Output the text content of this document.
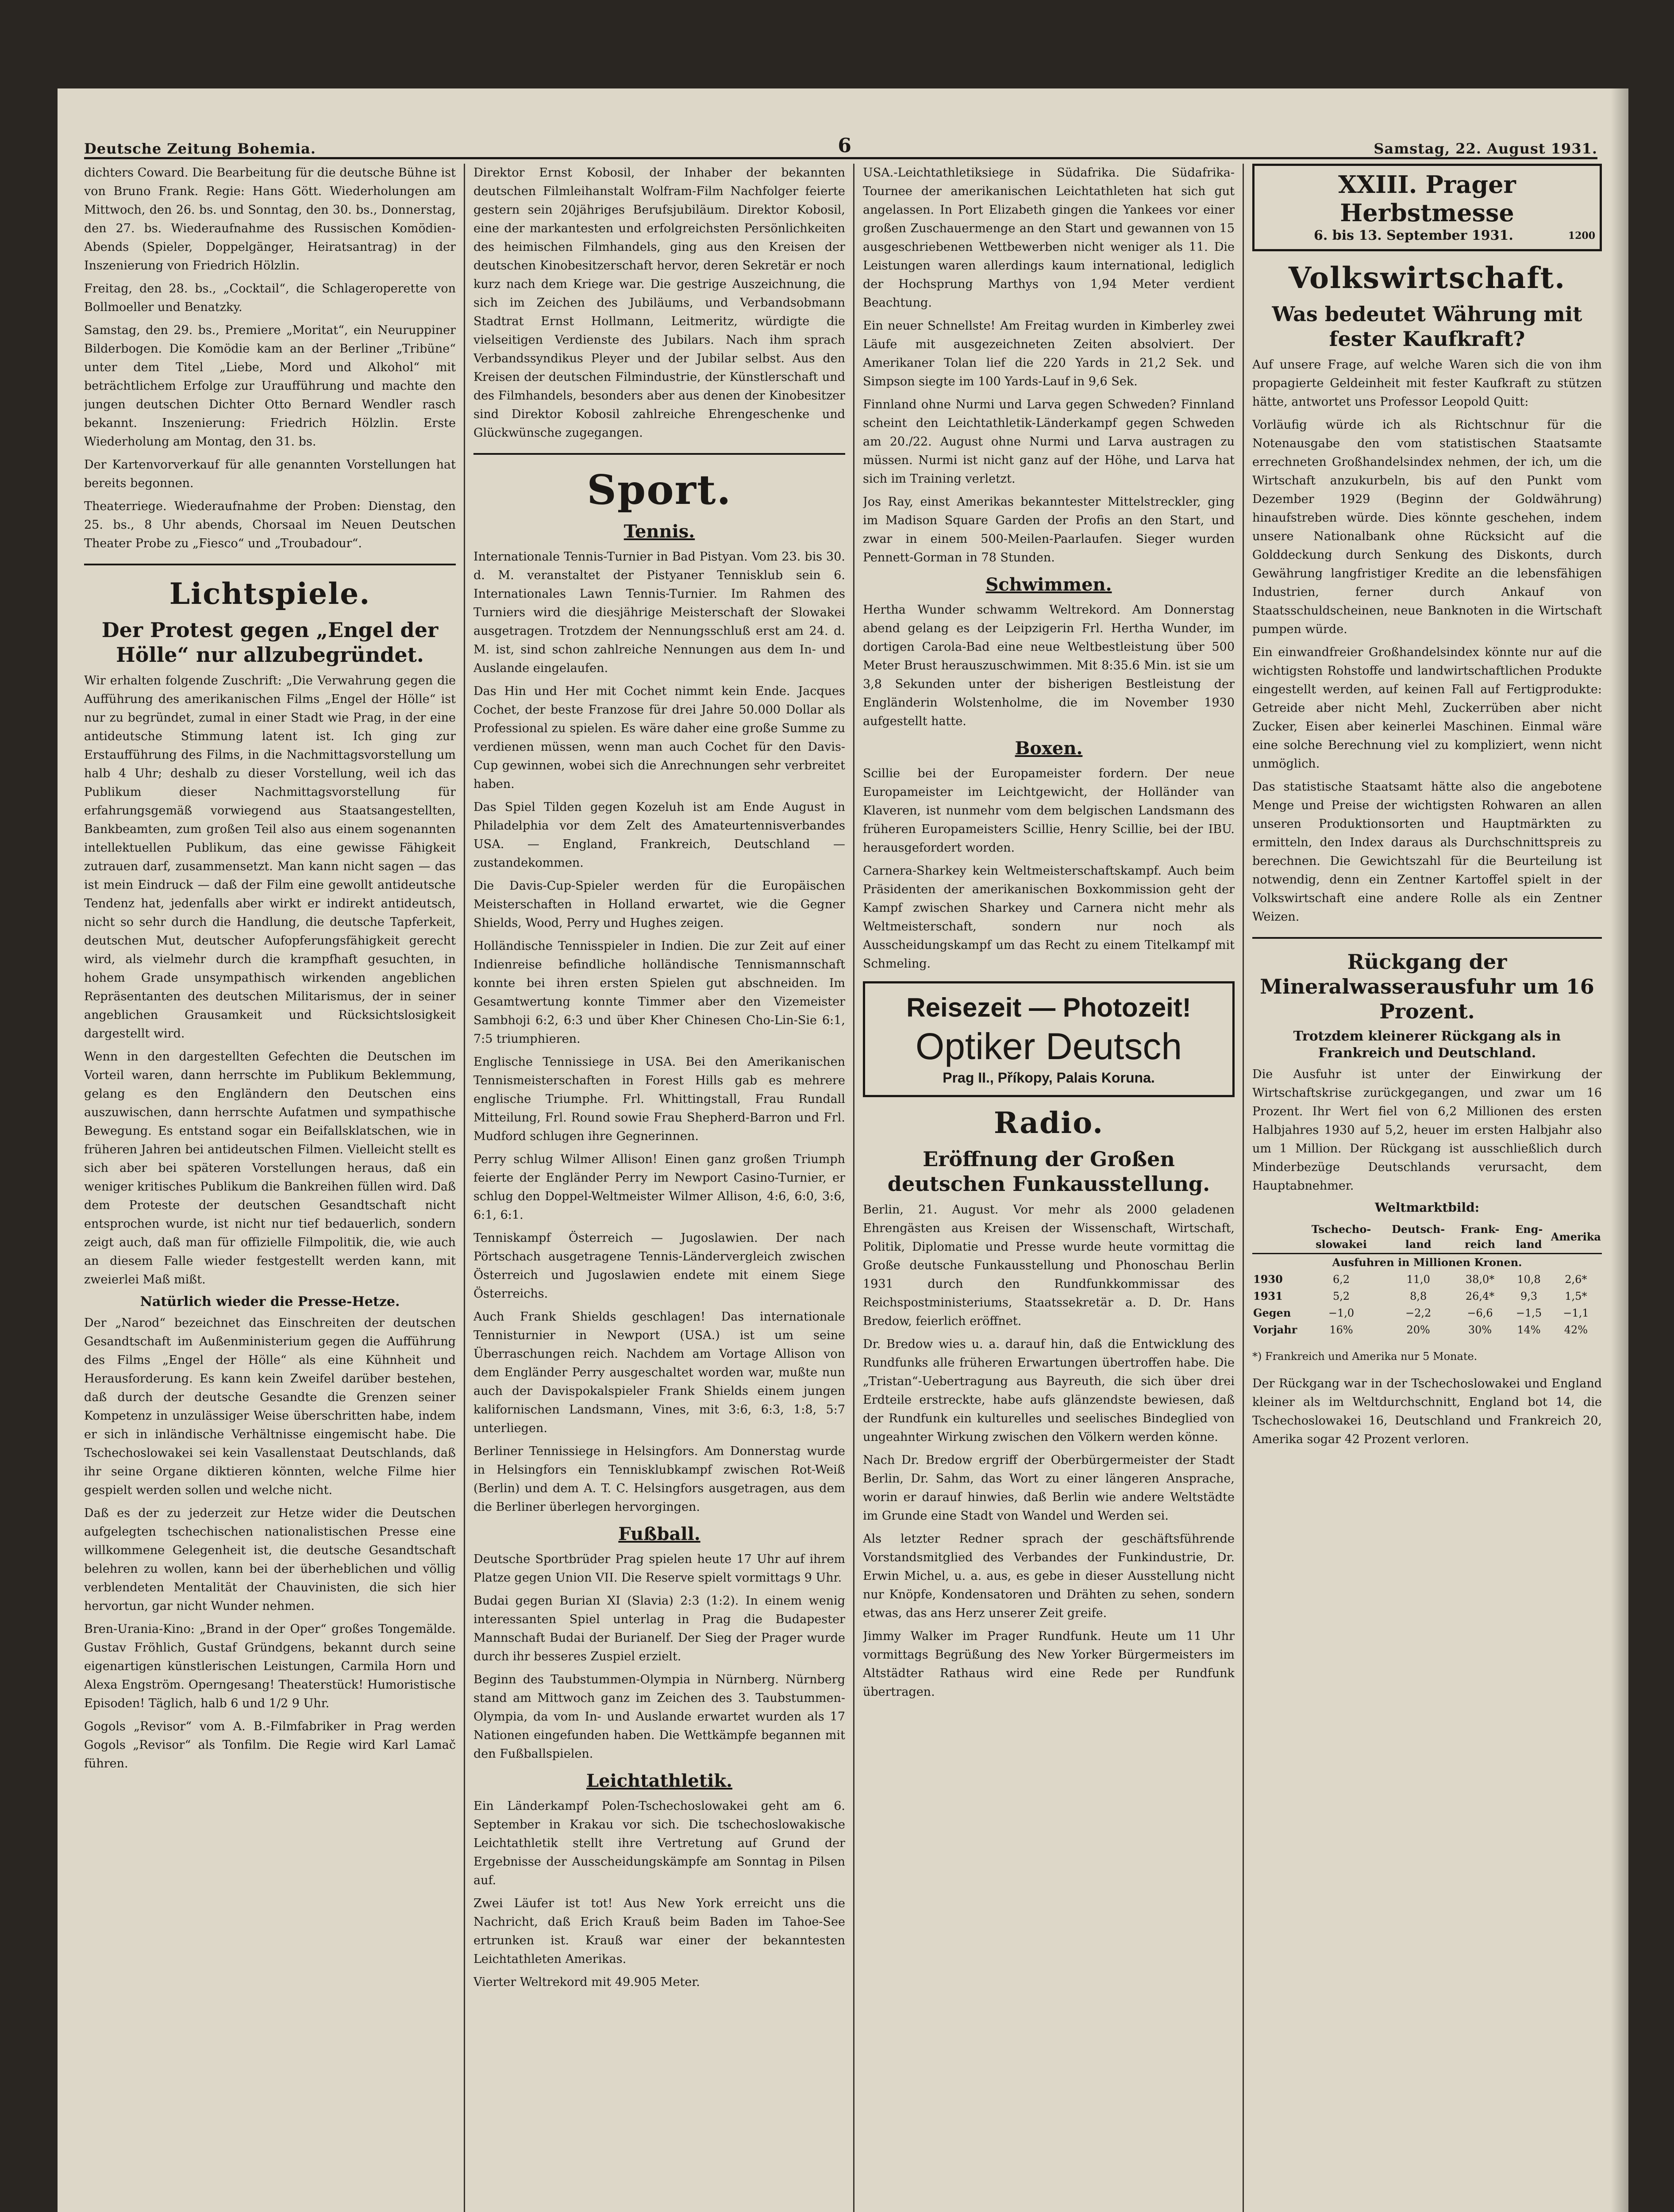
Deutsche Zeitung Bohemia.	6	Samstag, 22. August 1931.

dichters Coward. Die Bearbeitung für die deutsche Bühne ist von Bruno Frank. Regie: Hans Gött. Wiederholungen am Mittwoch, den 26. bs. und Sonntag, den 30. bs., Donnerstag, den 27. bs. Wiederaufnahme des Russischen Komödien-Abends (Spieler, Doppelgänger, Heiratsantrag) in der Inszenierung von Friedrich Hölzlin.

Freitag, den 28. bs., „Cocktail“, die Schlageroperette von Bollmoeller und Benatzky.

Samstag, den 29. bs., Premiere „Moritat“, ein Neuruppiner Bilderbogen. Die Komödie kam an der Berliner „Tribüne“ unter dem Titel „Liebe, Mord und Alkohol“ mit beträchtlichem Erfolge zur Uraufführung und machte den jungen deutschen Dichter Otto Bernard Wendler rasch bekannt. Inszenierung: Friedrich Hölzlin. Erste Wiederholung am Montag, den 31. bs.

Der Kartenvorverkauf für alle genannten Vorstellungen hat bereits begonnen.

Theaterriege. Wiederaufnahme der Proben: Dienstag, den 25. bs., 8 Uhr abends, Chorsaal im Neuen Deutschen Theater Probe zu „Fiesco“ und „Troubadour“.

Lichtspiele.
Der Protest gegen „Engel der Hölle“ nur allzubegründet.

Wir erhalten folgende Zuschrift: „Die Verwahrung gegen die Aufführung des amerikanischen Films „Engel der Hölle“ ist nur zu begründet, zumal in einer Stadt wie Prag, in der eine antideutsche Stimmung latent ist. Ich ging zur Erstaufführung des Films, in die Nachmittagsvorstellung um halb 4 Uhr; deshalb zu dieser Vorstellung, weil ich das Publikum dieser Nachmittagsvorstellung für erfahrungsgemäß vorwiegend aus Staatsangestellten, Bankbeamten, zum großen Teil also aus einem sogenannten intellektuellen Publikum, das eine gewisse Fähigkeit zutrauen darf, zusammensetzt. Man kann nicht sagen — das ist mein Eindruck — daß der Film eine gewollt antideutsche Tendenz hat, jedenfalls aber wirkt er indirekt antideutsch, nicht so sehr durch die Handlung, die deutsche Tapferkeit, deutschen Mut, deutscher Aufopferungsfähigkeit gerecht wird, als vielmehr durch die krampfhaft gesuchten, in hohem Grade unsympathisch wirkenden angeblichen Repräsentanten des deutschen Militarismus, der in seiner angeblichen Grausamkeit und Rücksichtslosigkeit dargestellt wird.

Wenn in den dargestellten Gefechten die Deutschen im Vorteil waren, dann herrschte im Publikum Beklemmung, gelang es den Engländern den Deutschen eins auszuwischen, dann herrschte Aufatmen und sympathische Bewegung. Es entstand sogar ein Beifallsklatschen, wie in früheren Jahren bei antideutschen Filmen. Vielleicht stellt es sich aber bei späteren Vorstellungen heraus, daß ein weniger kritisches Publikum die Bankreihen füllen wird. Daß dem Proteste der deutschen Gesandtschaft nicht entsprochen wurde, ist nicht nur tief bedauerlich, sondern zeigt auch, daß man für offizielle Filmpolitik, die, wie auch an diesem Falle wieder festgestellt werden kann, mit zweierlei Maß mißt.

Natürlich wieder die Presse-Hetze.

Der „Narod“ bezeichnet das Einschreiten der deutschen Gesandtschaft im Außenministerium gegen die Aufführung des Films „Engel der Hölle“ als eine Kühnheit und Herausforderung. Es kann kein Zweifel darüber bestehen, daß durch der deutsche Gesandte die Grenzen seiner Kompetenz in unzulässiger Weise überschritten habe, indem er sich in inländische Verhältnisse eingemischt habe. Die Tschechoslowakei sei kein Vasallenstaat Deutschlands, daß ihr seine Organe diktieren könnten, welche Filme hier gespielt werden sollen und welche nicht.

Daß es der zu jederzeit zur Hetze wider die Deutschen aufgelegten tschechischen nationalistischen Presse eine willkommene Gelegenheit ist, die deutsche Gesandtschaft belehren zu wollen, kann bei der überheblichen und völlig verblendeten Mentalität der Chauvinisten, die sich hier hervortun, gar nicht Wunder nehmen.

Bren-Urania-Kino: „Brand in der Oper“ großes Tongemälde. Gustav Fröhlich, Gustaf Gründgens, bekannt durch seine eigenartigen künstlerischen Leistungen, Carmila Horn und Alexa Engström. Operngesang! Theaterstück! Humoristische Episoden! Täglich, halb 6 und 1/2 9 Uhr.

Gogols „Revisor“ vom A. B.-Filmfabriker in Prag werden Gogols „Revisor“ als Tonfilm. Die Regie wird Karl Lamač führen.

Direktor Ernst Kobosil, der Inhaber der bekannten deutschen Filmleihanstalt Wolfram-Film Nachfolger feierte gestern sein 20jähriges Berufsjubiläum. Direktor Kobosil, eine der markantesten und erfolgreichsten Persönlichkeiten des heimischen Filmhandels, ging aus den Kreisen der deutschen Kinobesitzerschaft hervor, deren Sekretär er noch kurz nach dem Kriege war. Die gestrige Auszeichnung, die sich im Zeichen des Jubiläums, und Verbandsobmann Stadtrat Ernst Hollmann, Leitmeritz, würdigte die vielseitigen Verdienste des Jubilars. Nach ihm sprach Verbandssyndikus Pleyer und der Jubilar selbst. Aus den Kreisen der deutschen Filmindustrie, der Künstlerschaft und des Filmhandels, besonders aber aus denen der Kinobesitzer sind Direktor Kobosil zahlreiche Ehrengeschenke und Glückwünsche zugegangen.

Sport.
Tennis.

Internationale Tennis-Turnier in Bad Pistyan. Vom 23. bis 30. d. M. veranstaltet der Pistyaner Tennisklub sein 6. Internationales Lawn Tennis-Turnier. Im Rahmen des Turniers wird die diesjährige Meisterschaft der Slowakei ausgetragen. Trotzdem der Nennungsschluß erst am 24. d. M. ist, sind schon zahlreiche Nennungen aus dem In- und Auslande eingelaufen.

Das Hin und Her mit Cochet nimmt kein Ende. Jacques Cochet, der beste Franzose für drei Jahre 50.000 Dollar als Professional zu spielen. Es wäre daher eine große Summe zu verdienen müssen, wenn man auch Cochet für den Davis-Cup gewinnen, wobei sich die Anrechnungen sehr verbreitet haben.

Das Spiel Tilden gegen Kozeluh ist am Ende August in Philadelphia vor dem Zelt des Amateurtennisverbandes USA. — England, Frankreich, Deutschland — zustandekommen.

Die Davis-Cup-Spieler werden für die Europäischen Meisterschaften in Holland erwartet, wie die Gegner Shields, Wood, Perry und Hughes zeigen.

Holländische Tennisspieler in Indien. Die zur Zeit auf einer Indienreise befindliche holländische Tennismannschaft konnte bei ihren ersten Spielen gut abschneiden. Im Gesamtwertung konnte Timmer aber den Vizemeister Sambhoji 6:2, 6:3 und über Kher Chinesen Cho-Lin-Sie 6:1, 7:5 triumphieren.

Englische Tennissiege in USA. Bei den Amerikanischen Tennismeisterschaften in Forest Hills gab es mehrere englische Triumphe. Frl. Whittingstall, Frau Rundall Mitteilung, Frl. Round sowie Frau Shepherd-Barron und Frl. Mudford schlugen ihre Gegnerinnen.

Perry schlug Wilmer Allison! Einen ganz großen Triumph feierte der Engländer Perry im Newport Casino-Turnier, er schlug den Doppel-Weltmeister Wilmer Allison, 4:6, 6:0, 3:6, 6:1, 6:1.

Tenniskampf Österreich — Jugoslawien. Der nach Pörtschach ausgetragene Tennis-Ländervergleich zwischen Österreich und Jugoslawien endete mit einem Siege Österreichs.

Auch Frank Shields geschlagen! Das internationale Tennisturnier in Newport (USA.) ist um seine Überraschungen reich. Nachdem am Vortage Allison von dem Engländer Perry ausgeschaltet worden war, mußte nun auch der Davispokalspieler Frank Shields einem jungen kalifornischen Landsmann, Vines, mit 3:6, 6:3, 1:8, 5:7 unterliegen.

Berliner Tennissiege in Helsingfors. Am Donnerstag wurde in Helsingfors ein Tennisklubkampf zwischen Rot-Weiß (Berlin) und dem A. T. C. Helsingfors ausgetragen, aus dem die Berliner überlegen hervorgingen.

Fußball.

Deutsche Sportbrüder Prag spielen heute 17 Uhr auf ihrem Platze gegen Union VII. Die Reserve spielt vormittags 9 Uhr.

Budai gegen Burian XI (Slavia) 2:3 (1:2). In einem wenig interessanten Spiel unterlag in Prag die Budapester Mannschaft Budai der Burianelf. Der Sieg der Prager wurde durch ihr besseres Zuspiel erzielt.

Beginn des Taubstummen-Olympia in Nürnberg. Nürnberg stand am Mittwoch ganz im Zeichen des 3. Taubstummen-Olympia, da vom In- und Auslande erwartet wurden als 17 Nationen eingefunden haben. Die Wettkämpfe begannen mit den Fußballspielen.

Leichtathletik.

Ein Länderkampf Polen-Tschechoslowakei geht am 6. September in Krakau vor sich. Die tschechoslowakische Leichtathletik stellt ihre Vertretung auf Grund der Ergebnisse der Ausscheidungskämpfe am Sonntag in Pilsen auf.

Zwei Läufer ist tot! Aus New York erreicht uns die Nachricht, daß Erich Krauß beim Baden im Tahoe-See ertrunken ist. Krauß war einer der bekanntesten Leichtathleten Amerikas.

Vierter Weltrekord mit 49.905 Meter.

USA.-Leichtathletiksiege in Südafrika. Die Südafrika-Tournee der amerikanischen Leichtathleten hat sich gut angelassen. In Port Elizabeth gingen die Yankees vor einer großen Zuschauermenge an den Start und gewannen von 15 ausgeschriebenen Wettbewerben nicht weniger als 11. Die Leistungen waren allerdings kaum international, lediglich der Hochsprung Marthys von 1,94 Meter verdient Beachtung.

Ein neuer Schnellste! Am Freitag wurden in Kimberley zwei Läufe mit ausgezeichneten Zeiten absolviert. Der Amerikaner Tolan lief die 220 Yards in 21,2 Sek. und Simpson siegte im 100 Yards-Lauf in 9,6 Sek.

Finnland ohne Nurmi und Larva gegen Schweden? Finnland scheint den Leichtathletik-Länderkampf gegen Schweden am 20./22. August ohne Nurmi und Larva austragen zu müssen. Nurmi ist nicht ganz auf der Höhe, und Larva hat sich im Training verletzt.

Jos Ray, einst Amerikas bekanntester Mittelstreckler, ging im Madison Square Garden der Profis an den Start, und zwar in einem 500-Meilen-Paarlaufen. Sieger wurden Pennett-Gorman in 78 Stunden.

Schwimmen.

Hertha Wunder schwamm Weltrekord. Am Donnerstag abend gelang es der Leipzigerin Frl. Hertha Wunder, im dortigen Carola-Bad eine neue Weltbestleistung über 500 Meter Brust herauszuschwimmen. Mit 8:35.6 Min. ist sie um 3,8 Sekunden unter der bisherigen Bestleistung der Engländerin Wolstenholme, die im November 1930 aufgestellt hatte.

Boxen.

Scillie bei der Europameister fordern. Der neue Europameister im Leichtgewicht, der Holländer van Klaveren, ist nunmehr vom dem belgischen Landsmann des früheren Europameisters Scillie, Henry Scillie, bei der IBU. herausgefordert worden.

Carnera-Sharkey kein Weltmeisterschaftskampf. Auch beim Präsidenten der amerikanischen Boxkommission geht der Kampf zwischen Sharkey und Carnera nicht mehr als Weltmeisterschaft, sondern nur noch als Ausscheidungskampf um das Recht zu einem Titelkampf mit Schmeling.

Reisezeit — Photozeit!
Optiker Deutsch
Prag II., Příkopy, Palais Koruna.
Radio.
Eröffnung der Großen deutschen Funkausstellung.

Berlin, 21. August. Vor mehr als 2000 geladenen Ehrengästen aus Kreisen der Wissenschaft, Wirtschaft, Politik, Diplomatie und Presse wurde heute vormittag die Große deutsche Funkausstellung und Phonoschau Berlin 1931 durch den Rundfunkkommissar des Reichspostministeriums, Staatssekretär a. D. Dr. Hans Bredow, feierlich eröffnet.

Dr. Bredow wies u. a. darauf hin, daß die Entwicklung des Rundfunks alle früheren Erwartungen übertroffen habe. Die „Tristan“-Uebertragung aus Bayreuth, die sich über drei Erdteile erstreckte, habe aufs glänzendste bewiesen, daß der Rundfunk ein kulturelles und seelisches Bindeglied von ungeahnter Wirkung zwischen den Völkern werden könne.

Nach Dr. Bredow ergriff der Oberbürgermeister der Stadt Berlin, Dr. Sahm, das Wort zu einer längeren Ansprache, worin er darauf hinwies, daß Berlin wie andere Weltstädte im Grunde eine Stadt von Wandel und Werden sei.

Als letzter Redner sprach der geschäftsführende Vorstandsmitglied des Verbandes der Funkindustrie, Dr. Erwin Michel, u. a. aus, es gebe in dieser Ausstellung nicht nur Knöpfe, Kondensatoren und Drähten zu sehen, sondern etwas, das ans Herz unserer Zeit greife.

Jimmy Walker im Prager Rundfunk. Heute um 11 Uhr vormittags Begrüßung des New Yorker Bürgermeisters im Altstädter Rathaus wird eine Rede per Rundfunk übertragen.

XXIII. Prager Herbstmesse
6. bis 13. September 1931.	1200
Volkswirtschaft.
Was bedeutet Währung mit fester Kaufkraft?

Auf unsere Frage, auf welche Waren sich die von ihm propagierte Geldeinheit mit fester Kaufkraft zu stützen hätte, antwortet uns Professor Leopold Quitt:

Vorläufig würde ich als Richtschnur für die Notenausgabe den vom statistischen Staatsamte errechneten Großhandelsindex nehmen, der ich, um die Wirtschaft anzukurbeln, bis auf den Punkt vom Dezember 1929 (Beginn der Goldwährung) hinaufstreben würde. Dies könnte geschehen, indem unsere Nationalbank ohne Rücksicht auf die Golddeckung durch Senkung des Diskonts, durch Gewährung langfristiger Kredite an die lebensfähigen Industrien, ferner durch Ankauf von Staatsschuldscheinen, neue Banknoten in die Wirtschaft pumpen würde.

Ein einwandfreier Großhandelsindex könnte nur auf die wichtigsten Rohstoffe und landwirtschaftlichen Produkte eingestellt werden, auf keinen Fall auf Fertigprodukte: Getreide aber nicht Mehl, Zuckerrüben aber nicht Zucker, Eisen aber keinerlei Maschinen. Einmal wäre eine solche Berechnung viel zu kompliziert, wenn nicht unmöglich.

Das statistische Staatsamt hätte also die angebotene Menge und Preise der wichtigsten Rohwaren an allen unseren Produktionsorten und Hauptmärkten zu ermitteln, den Index daraus als Durchschnittspreis zu berechnen. Die Gewichtszahl für die Beurteilung ist notwendig, denn ein Zentner Kartoffel spielt in der Volkswirtschaft eine andere Rolle als ein Zentner Weizen.

Rückgang der Mineralwasserausfuhr um 16 Prozent.
Trotzdem kleinerer Rückgang als in Frankreich und Deutschland.

Die Ausfuhr ist unter der Einwirkung der Wirtschaftskrise zurückgegangen, und zwar um 16 Prozent. Ihr Wert fiel von 6,2 Millionen des ersten Halbjahres 1930 auf 5,2, heuer im ersten Halbjahr also um 1 Million. Der Rückgang ist ausschließlich durch Minderbezüge Deutschlands verursacht, dem Hauptabnehmer.

Weltmarktbild:
	Tschecho-slowakei	Deutsch-land	Frank-reich	Eng-land	Amerika
Ausfuhren in Millionen Kronen.					
1930	6,2	11,0	38,0*	10,8	2,6*
1931	5,2	8,8	26,4*	9,3	1,5*
Gegen	−1,0	−2,2	−6,6	−1,5	−1,1
Vorjahr	16%	20%	30%	14%	42%

*) Frankreich und Amerika nur 5 Monate.

Der Rückgang war in der Tschechoslowakei und England kleiner als im Weltdurchschnitt, England bot 14, die Tschechoslowakei 16, Deutschland und Frankreich 20, Amerika sogar 42 Prozent verloren.
